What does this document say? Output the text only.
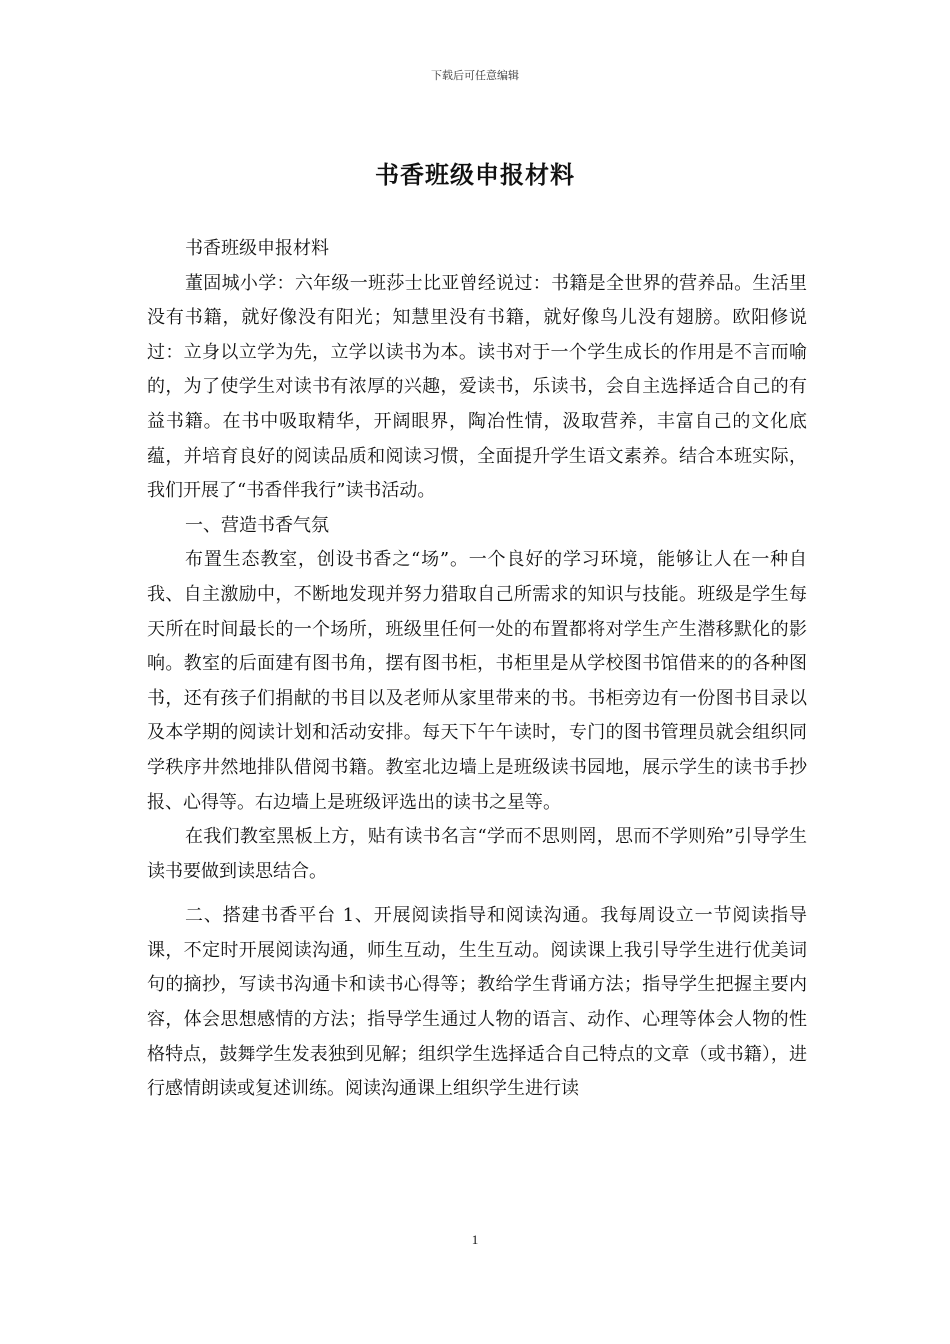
下载后可任意编辑
书香班级申报材料

书香班级申报材料

董固城小学：六年级一班莎士比亚曾经说过：书籍是全世界的营养品。生活里没有书籍，就好像没有阳光；知慧里没有书籍，就好像鸟儿没有翅膀。欧阳修说过：立身以立学为先，立学以读书为本。读书对于一个学生成长的作用是不言而喻的，为了使学生对读书有浓厚的兴趣，爱读书，乐读书，会自主选择适合自己的有益书籍。在书中吸取精华，开阔眼界，陶冶性情，汲取营养，丰富自己的文化底蕴，并培育良好的阅读品质和阅读习惯，全面提升学生语文素养。结合本班实际，我们开展了“书香伴我行”读书活动。

一、营造书香气氛

布置生态教室，创设书香之“场”。一个良好的学习环境，能够让人在一种自我、自主激励中，不断地发现并努力猎取自己所需求的知识与技能。班级是学生每天所在时间最长的一个场所，班级里任何一处的布置都将对学生产生潜移默化的影响。教室的后面建有图书角，摆有图书柜，书柜里是从学校图书馆借来的的各种图书，还有孩子们捐献的书目以及老师从家里带来的书。书柜旁边有一份图书目录以及本学期的阅读计划和活动安排。每天下午午读时，专门的图书管理员就会组织同学秩序井然地排队借阅书籍。教室北边墙上是班级读书园地，展示学生的读书手抄报、心得等。右边墙上是班级评选出的读书之星等。

在我们教室黑板上方，贴有读书名言“学而不思则罔，思而不学则殆”引导学生读书要做到读思结合。

二、搭建书香平台 1、开展阅读指导和阅读沟通。我每周设立一节阅读指导课，不定时开展阅读沟通，师生互动，生生互动。阅读课上我引导学生进行优美词句的摘抄，写读书沟通卡和读书心得等；教给学生背诵方法；指导学生把握主要内容，体会思想感情的方法；指导学生通过人物的语言、动作、心理等体会人物的性格特点，鼓舞学生发表独到见解；组织学生选择适合自己特点的文章（或书籍），进行感情朗读或复述训练。阅读沟通课上组织学生进行读

1
